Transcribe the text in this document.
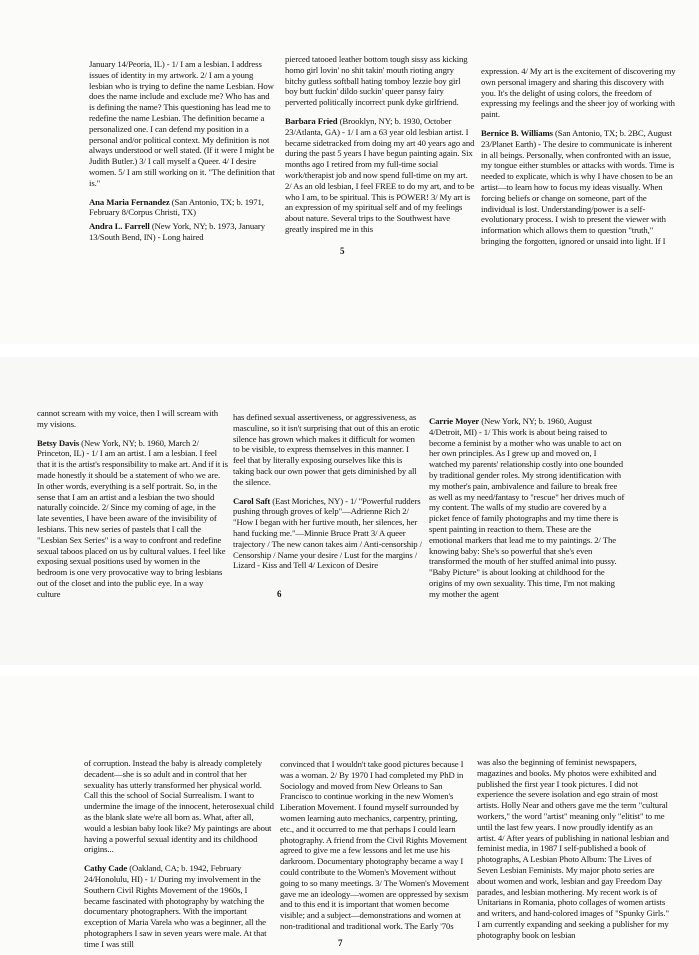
January 14/Peoria, IL) - 1/ I am a lesbian. I address issues of identity in my artwork. 2/ I am a young lesbian who is trying to define the name Lesbian. How does the name include and exclude me? Who has and is defining the name? This questioning has lead me to redefine the name Lesbian. The definition became a personalized one. I can defend my position in a personal and/or political context. My definition is not always understood or well stated. (If it were I might be Judith Butler.) 3/ I call myself a Queer. 4/ I desire women. 5/ I am still working on it. "The definition that is."
Ana Maria Fernandez (San Antonio, TX; b. 1971, February 8/Corpus Christi, TX)
Andra L. Farrell (New York, NY; b. 1973, January 13/South Bend, IN) - Long haired
pierced tatooed leather bottom tough sissy ass kicking homo girl lovin' no shit takin' mouth rioting angry bitchy gutless softball hating tomboy lezzie boy girl boy butt fuckin' dildo suckin' queer pansy fairy perverted politically incorrect punk dyke girlfriend.
Barbara Fried (Brooklyn, NY; b. 1930, October 23/Atlanta, GA) - 1/ I am a 63 year old lesbian artist. I became sidetracked from doing my art 40 years ago and during the past 5 years I have begun painting again. Six months ago I retired from my full-time social work/therapist job and now spend full-time on my art. 2/ As an old lesbian, I feel FREE to do my art, and to be who I am, to be spiritual. This is POWER! 3/ My art is an expression of my spiritual self and of my feelings about nature. Several trips to the Southwest have greatly inspired me in this
expression. 4/ My art is the excitement of discovering my own personal imagery and sharing this discovery with you. It's the delight of using colors, the freedom of expressing my feelings and the sheer joy of working with paint.
Bernice B. Williams (San Antonio, TX; b. 2BC, August 23/Planet Earth) - The desire to communicate is inherent in all beings. Personally, when confronted with an issue, my tongue either stumbles or attacks with words. Time is needed to explicate, which is why I have chosen to be an artist—to learn how to focus my ideas visually. When forcing beliefs or change on someone, part of the individual is lost. Understanding/power is a self-evolutionary process. I wish to present the viewer with information which allows them to question "truth," bringing the forgotten, ignored or unsaid into light. If I
5
cannot scream with my voice, then I will scream with my visions.
Betsy Davis (New York, NY; b. 1960, March 2/ Princeton, IL) - 1/ I am an artist. I am a lesbian. I feel that it is the artist's responsibility to make art. And if it is made honestly it should be a statement of who we are. In other words, everything is a self portrait. So, in the sense that I am an artist and a lesbian the two should naturally coincide. 2/ Since my coming of age, in the late seventies, I have been aware of the invisibility of lesbians. This new series of pastels that I call the "Lesbian Sex Series" is a way to confront and redefine sexual taboos placed on us by cultural values. I feel like exposing sexual positions used by women in the bedroom is one very provocative way to bring lesbians out of the closet and into the public eye. In a way culture
has defined sexual assertiveness, or aggressiveness, as masculine, so it isn't surprising that out of this an erotic silence has grown which makes it difficult for women to be visible, to express themselves in this manner. I feel that by literally exposing ourselves like this is taking back our own power that gets diminished by all the silence.
Carol Saft (East Moriches, NY) - 1/ "Powerful rudders pushing through groves of kelp"—Adrienne Rich 2/ "How I began with her furtive mouth, her silences, her hand fucking me."—Minnie Bruce Pratt 3/ A queer trajectory / The new canon takes aim / Anti-censorship / Censorship / Name your desire / Lust for the margins / Lizard - Kiss and Tell 4/ Lexicon of Desire
Carrie Moyer (New York, NY; b. 1960, August 4/Detroit, MI) - 1/ This work is about being raised to become a feminist by a mother who was unable to act on her own principles. As I grew up and moved on, I watched my parents' relationship costly into one bounded by traditional gender roles. My strong identification with my mother's pain, ambivalence and failure to break free as well as my need/fantasy to "rescue" her drives much of my content. The walls of my studio are covered by a picket fence of family photographs and my time there is spent painting in reaction to them. These are the emotional markers that lead me to my paintings. 2/ The knowing baby: She's so powerful that she's even transformed the mouth of her stuffed animal into pussy. "Baby Picture" is about looking at childhood for the origins of my own sexuality. This time, I'm not making my mother the agent
6
of corruption. Instead the baby is already completely decadent—she is so adult and in control that her sexuality has utterly transformed her physical world. Call this the school of Social Surrealism. I want to undermine the image of the innocent, heterosexual child as the blank slate we're all born as. What, after all, would a lesbian baby look like? My paintings are about having a powerful sexual identity and its childhood origins...
Cathy Cade (Oakland, CA; b. 1942, February 24/Honolulu, HI) - 1/ During my involvement in the Southern Civil Rights Movement of the 1960s, I became fascinated with photography by watching the documentary photographers. With the important exception of Maria Varela who was a beginner, all the photographers I saw in seven years were male. At that time I was still
convinced that I wouldn't take good pictures because I was a woman. 2/ By 1970 I had completed my PhD in Sociology and moved from New Orleans to San Francisco to continue working in the new Women's Liberation Movement. I found myself surrounded by women learning auto mechanics, carpentry, printing, etc., and it occurred to me that perhaps I could learn photography. A friend from the Civil Rights Movement agreed to give me a few lessons and let me use his darkroom. Documentary photography became a way I could contribute to the Women's Movement without going to so many meetings. 3/ The Women's Movement gave me an ideology—women are oppressed by sexism and to this end it is important that women become visible; and a subject—demonstrations and women at non-traditional and traditional work. The Early '70s
was also the beginning of feminist newspapers, magazines and books. My photos were exhibited and published the first year I took pictures. I did not experience the severe isolation and ego strain of most artists. Holly Near and others gave me the term "cultural workers," the word "artist" meaning only "elitist" to me until the last few years. I now proudly identify as an artist. 4/ After years of publishing in national lesbian and feminist media, in 1987 I self-published a book of photographs, A Lesbian Photo Album: The Lives of Seven Lesbian Feminists. My major photo series are about women and work, lesbian and gay Freedom Day parades, and lesbian mothering. My recent work is of Unitarians in Romania, photo collages of women artists and writers, and hand-colored images of "Spunky Girls." I am currently expanding and seeking a publisher for my photography book on lesbian
7
